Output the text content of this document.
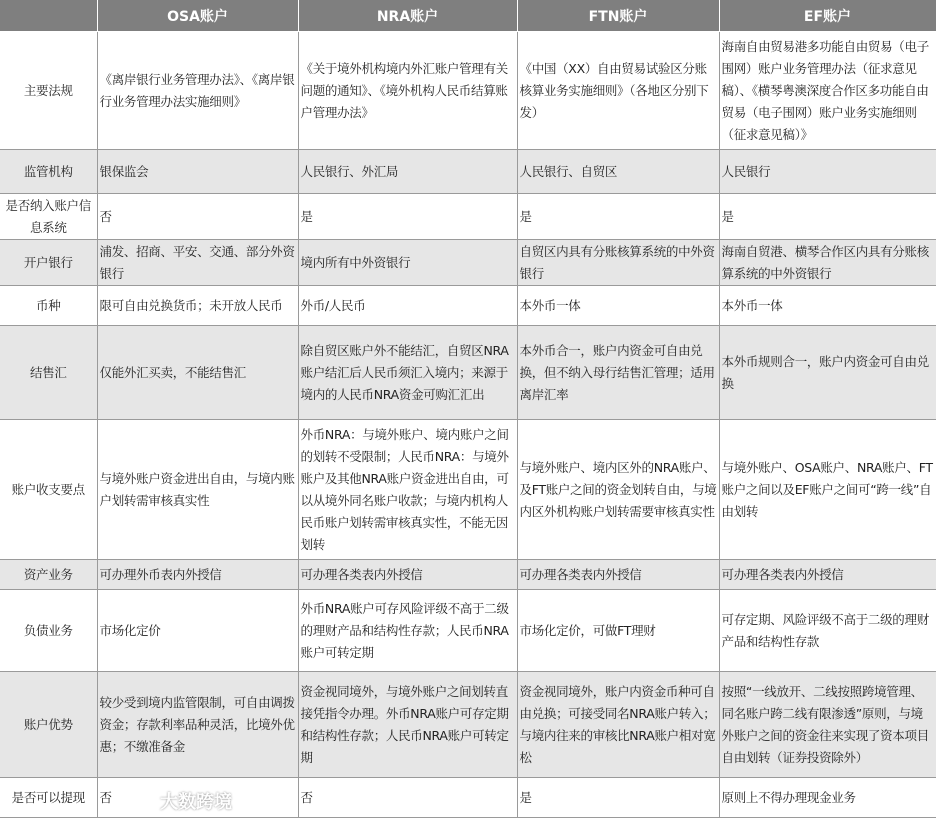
	OSA账户	NRA账户	FTN账户	EF账户
主要法规	《离岸银行业务管理办法》、《离岸银行业务管理办法实施细则》	《关于境外机构境内外汇账户管理有关问题的通知》、《境外机构人民币结算账户管理办法》	《中国（XX）自由贸易试验区分账核算业务实施细则》（各地区分别下发）	海南自由贸易港多功能自由贸易（电子围网）账户业务管理办法（征求意见稿）、《横琴粤澳深度合作区多功能自由贸易（电子围网）账户业务实施细则（征求意见稿）》
监管机构	银保监会	人民银行、外汇局	人民银行、自贸区	人民银行
是否纳入账户信息系统	否	是	是	是
开户银行	浦发、招商、平安、交通、部分外资银行	境内所有中外资银行	自贸区内具有分账核算系统的中外资银行	海南自贸港、横琴合作区内具有分账核算系统的中外资银行
币种	限可自由兑换货币；未开放人民币	外币/人民币	本外币一体	本外币一体
结售汇	仅能外汇买卖，不能结售汇	除自贸区账户外不能结汇，自贸区NRA账户结汇后人民币须汇入境内；来源于境内的人民币NRA资金可购汇汇出	本外币合一，账户内资金可自由兑换，但不纳入母行结售汇管理；适用离岸汇率	本外币规则合一，账户内资金可自由兑换
账户收支要点	与境外账户资金进出自由，与境内账户划转需审核真实性	外币NRA：与境外账户、境内账户之间的划转不受限制；人民币NRA：与境外账户及其他NRA账户资金进出自由，可以从境外同名账户收款；与境内机构人民币账户划转需审核真实性，不能无因划转	与境外账户、境内区外的NRA账户、及FT账户之间的资金划转自由，与境内区外机构账户划转需要审核真实性	与境外账户、OSA账户、NRA账户、FT账户之间以及EF账户之间可“跨一线”自由划转
资产业务	可办理外币表内外授信	可办理各类表内外授信	可办理各类表内外授信	可办理各类表内外授信
负债业务	市场化定价	外币NRA账户可存风险评级不高于二级的理财产品和结构性存款；人民币NRA账户可转定期	市场化定价，可做FT理财	可存定期、风险评级不高于二级的理财产品和结构性存款
账户优势	较少受到境内监管限制，可自由调拨资金；存款利率品种灵活，比境外优惠；不缴准备金	资金视同境外，与境外账户之间划转直接凭指令办理。外币NRA账户可存定期和结构性存款；人民币NRA账户可转定期	资金视同境外，账户内资金币种可自由兑换；可接受同名NRA账户转入；与境内往来的审核比NRA账户相对宽松	按照“一线放开、二线按照跨境管理、同名账户跨二线有限渗透”原则，与境外账户之间的资金往来实现了资本项目自由划转（证券投资除外）
是否可以提现	否	否	是	原则上不得办理现金业务
大数跨境
